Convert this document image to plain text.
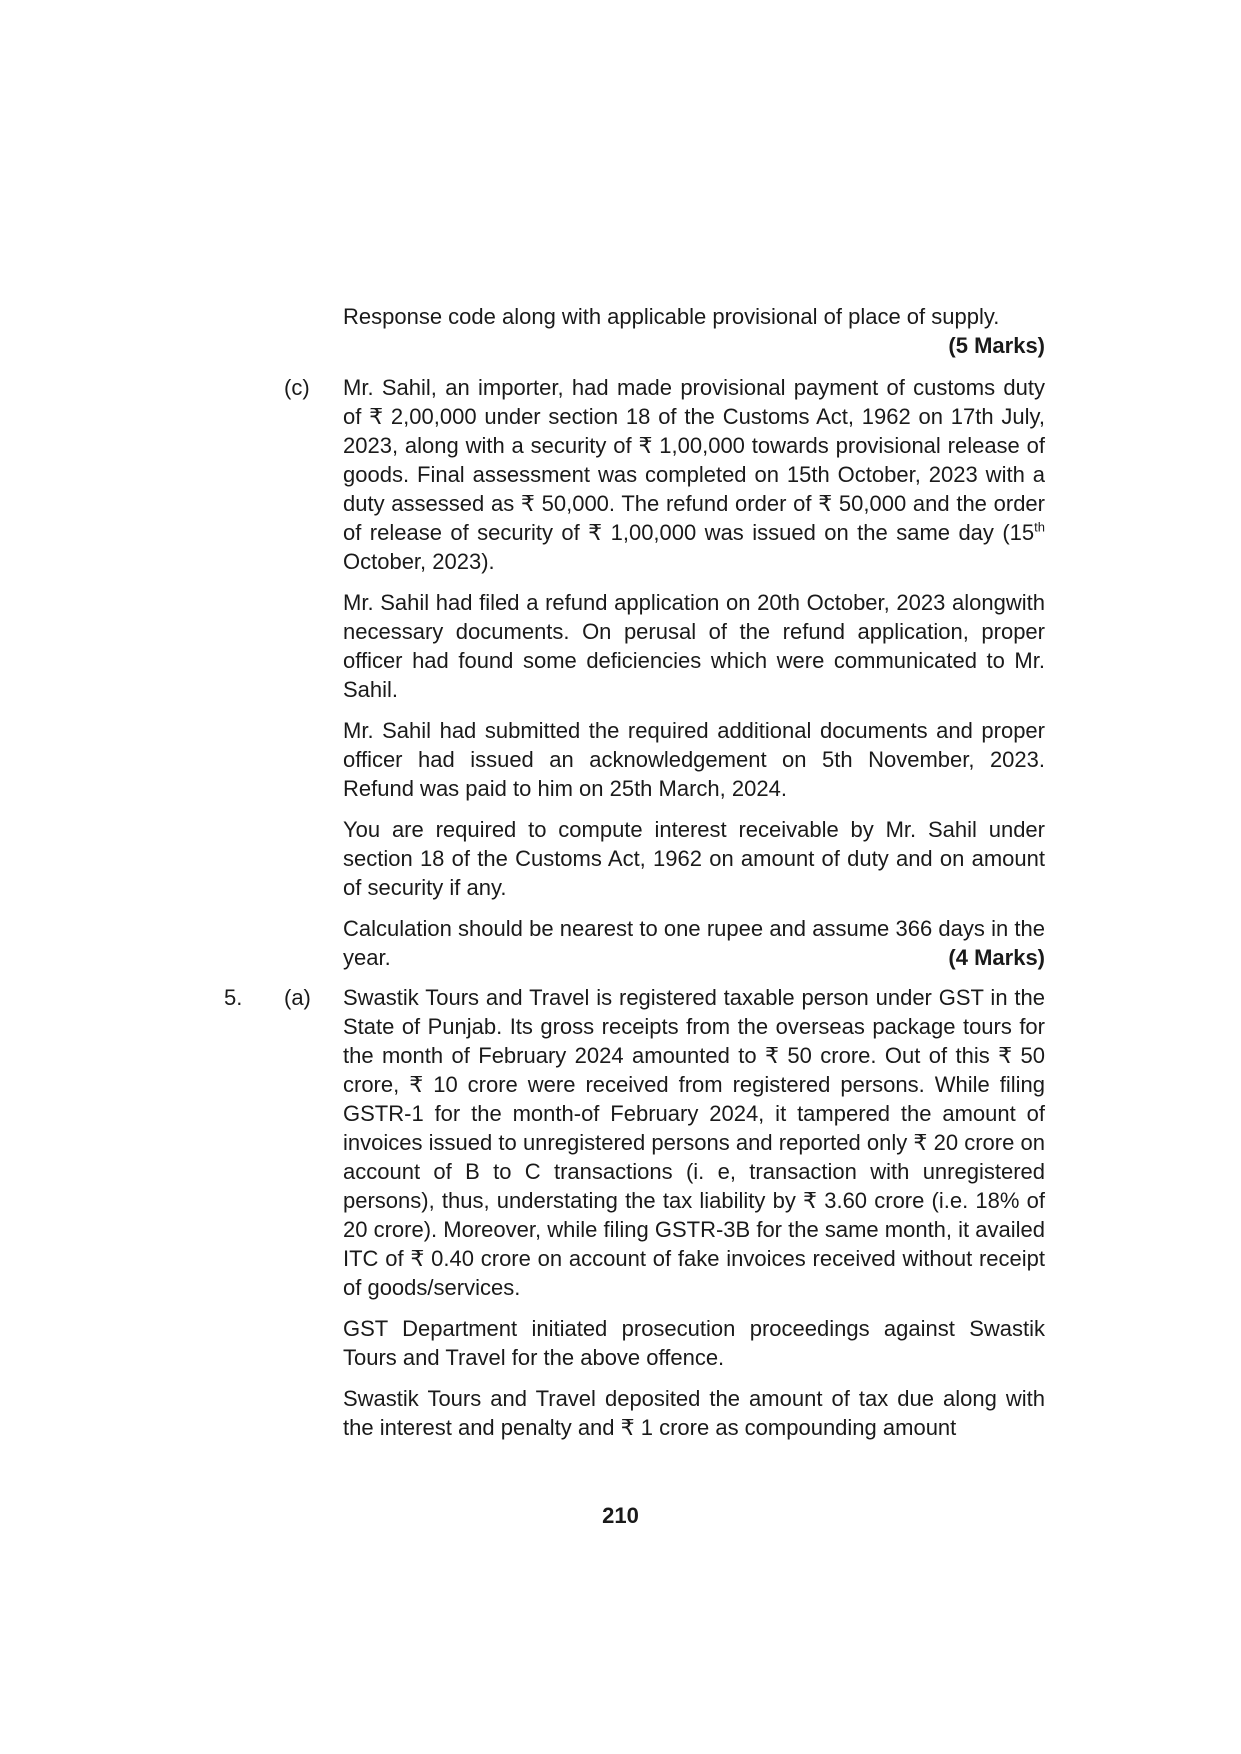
Response code along with applicable provisional of place of supply.

(5 Marks)
(c) Mr. Sahil, an importer, had made provisional payment of customs duty of ₹ 2,00,000 under section 18 of the Customs Act, 1962 on 17th July, 2023, along with a security of ₹ 1,00,000 towards provisional release of goods. Final assessment was completed on 15th October, 2023 with a duty assessed as ₹ 50,000. The refund order of ₹ 50,000 and the order of release of security of ₹ 1,00,000 was issued on the same day (15th October, 2023).

Mr. Sahil had filed a refund application on 20th October, 2023 alongwith necessary documents. On perusal of the refund application, proper officer had found some deficiencies which were communicated to Mr. Sahil.

Mr. Sahil had submitted the required additional documents and proper officer had issued an acknowledgement on 5th November, 2023. Refund was paid to him on 25th March, 2024.

You are required to compute interest receivable by Mr. Sahil under section 18 of the Customs Act, 1962 on amount of duty and on amount of security if any.

Calculation should be nearest to one rupee and assume 366 days in the year.	(4 Marks)

5. (a) Swastik Tours and Travel is registered taxable person under GST in the State of Punjab. Its gross receipts from the overseas package tours for the month of February 2024 amounted to ₹ 50 crore. Out of this ₹ 50 crore, ₹ 10 crore were received from registered persons. While filing GSTR-1 for the month-of February 2024, it tampered the amount of invoices issued to unregistered persons and reported only ₹ 20 crore on account of B to C transactions (i. e, transaction with unregistered persons), thus, understating the tax liability by ₹ 3.60 crore (i.e. 18% of 20 crore). Moreover, while filing GSTR-3B for the same month, it availed ITC of ₹ 0.40 crore on account of fake invoices received without receipt of goods/services.

GST Department initiated prosecution proceedings against Swastik Tours and Travel for the above offence.

Swastik Tours and Travel deposited the amount of tax due along with the interest and penalty and ₹ 1 crore as compounding amount

210
